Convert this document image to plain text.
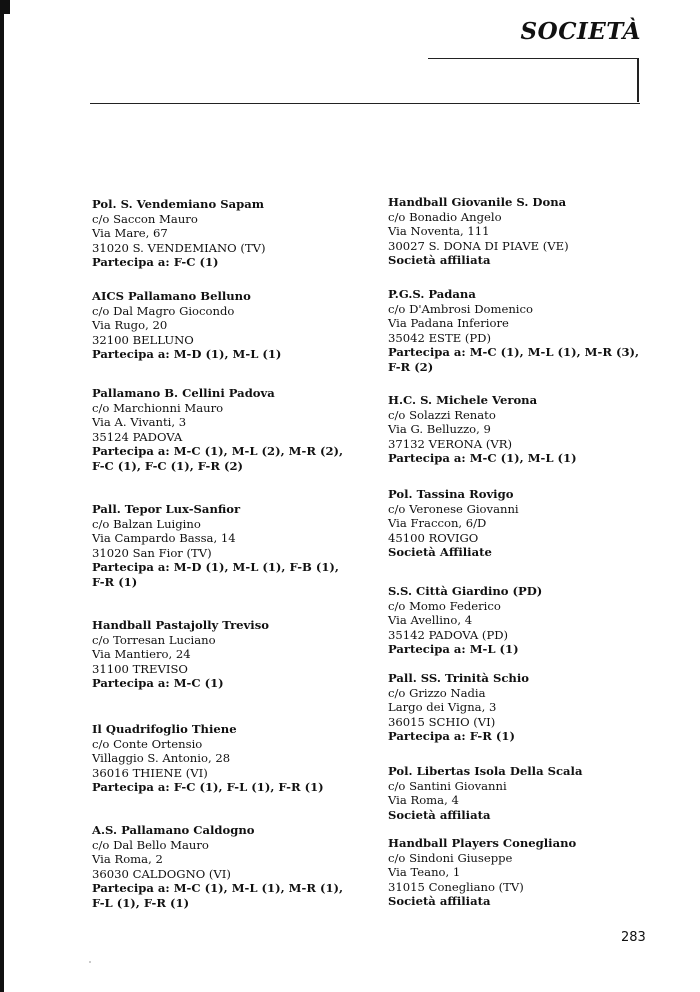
SOCIETÀ
Pol. S. Vendemiano Sapam
c/o Saccon Mauro
Via Mare, 67
31020 S. VENDEMIANO (TV)
Partecipa a: F-C (1)
AICS Pallamano Belluno
c/o Dal Magro Giocondo
Via Rugo, 20
32100 BELLUNO
Partecipa a: M-D (1), M-L (1)
Pallamano B. Cellini Padova
c/o Marchionni Mauro
Via A. Vivanti, 3
35124 PADOVA
Partecipa a: M-C (1), M-L (2), M-R (2),
F-C (1), F-C (1), F-R (2)
Pall. Tepor Lux-Sanfior
c/o Balzan Luigino
Via Campardo Bassa, 14
31020 San Fior (TV)
Partecipa a: M-D (1), M-L (1), F-B (1),
F-R (1)
Handball Pastajolly Treviso
c/o Torresan Luciano
Via Mantiero, 24
31100 TREVISO
Partecipa a: M-C (1)
Il Quadrifoglio Thiene
c/o Conte Ortensio
Villaggio S. Antonio, 28
36016 THIENE (VI)
Partecipa a: F-C (1), F-L (1), F-R (1)
A.S. Pallamano Caldogno
c/o Dal Bello Mauro
Via Roma, 2
36030 CALDOGNO (VI)
Partecipa a: M-C (1), M-L (1), M-R (1),
F-L (1), F-R (1)
Handball Giovanile S. Dona
c/o Bonadio Angelo
Via Noventa, 111
30027 S. DONA DI PIAVE (VE)
Società affiliata
P.G.S. Padana
c/o D'Ambrosi Domenico
Via Padana Inferiore
35042 ESTE (PD)
Partecipa a: M-C (1), M-L (1), M-R (3),
F-R (2)
H.C. S. Michele Verona
c/o Solazzi Renato
Via G. Belluzzo, 9
37132 VERONA (VR)
Partecipa a: M-C (1), M-L (1)
Pol. Tassina Rovigo
c/o Veronese Giovanni
Via Fraccon, 6/D
45100 ROVIGO
Società Affiliate
S.S. Città Giardino (PD)
c/o Momo Federico
Via Avellino, 4
35142 PADOVA (PD)
Partecipa a: M-L (1)
Pall. SS. Trinità Schio
c/o Grizzo Nadia
Largo dei Vigna, 3
36015 SCHIO (VI)
Partecipa a: F-R (1)
Pol. Libertas Isola Della Scala
c/o Santini Giovanni
Via Roma, 4
Società affiliata
Handball Players Conegliano
c/o Sindoni Giuseppe
Via Teano, 1
31015 Conegliano (TV)
Società affiliata
283
